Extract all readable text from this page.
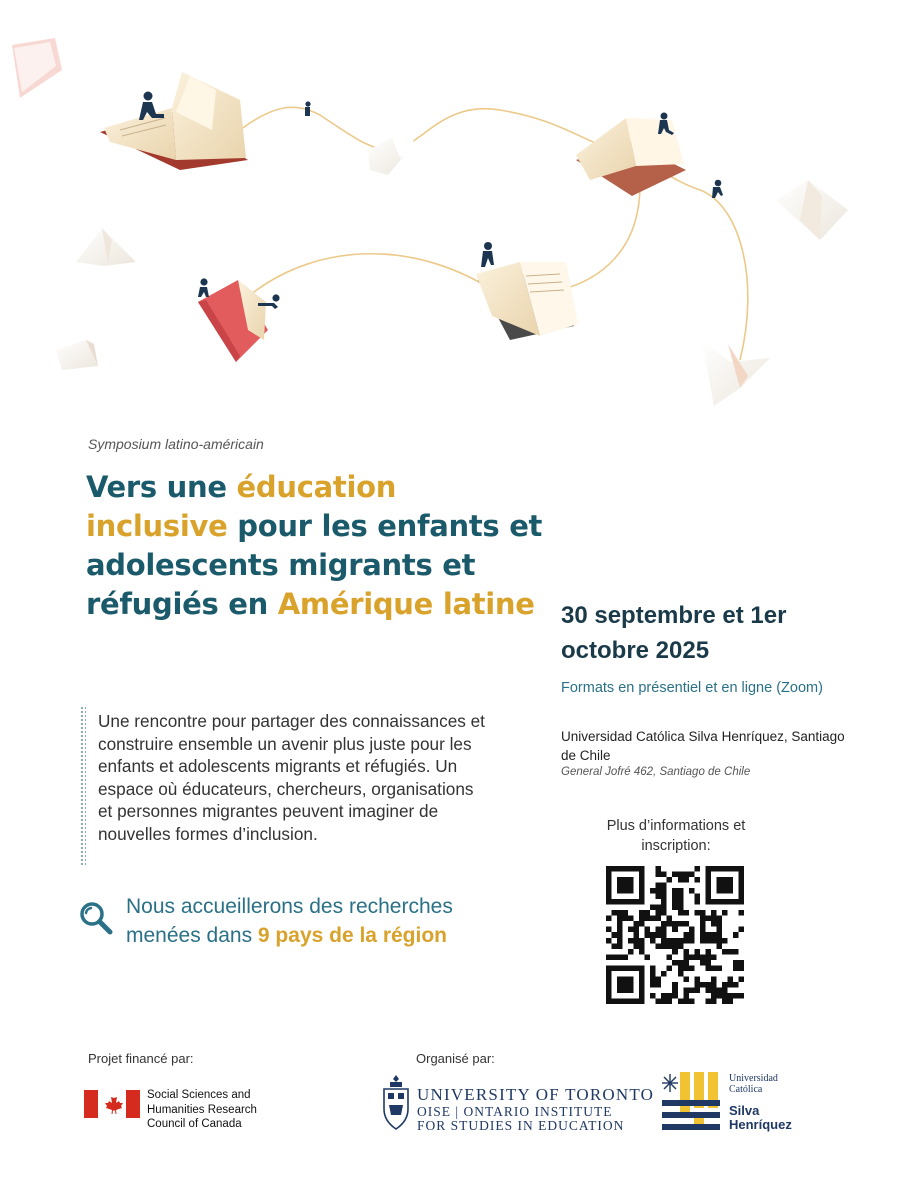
Symposium latino-américain
Vers une éducation inclusive pour les enfants et adolescents migrants et réfugiés en Amérique latine

Une rencontre pour partager des connaissances et construire ensemble un avenir plus juste pour les enfants et adolescents migrants et réfugiés. Un espace où éducateurs, chercheurs, organisations et personnes migrantes peuvent imaginer de nouvelles formes d’inclusion.

Nous accueillerons des recherches menées dans 9 pays de la région

30 septembre et 1er octobre 2025
Formats en présentiel et en ligne (Zoom)
Universidad Católica Silva Henríquez, Santiago de Chile
General Jofré 462, Santiago de Chile
Plus d’informations et inscription:
Projet financé par:	Organisé par:
Social Sciences and Humanities Research Council of Canada
UNIVERSITY OF TORONTO
OISE | ONTARIO INSTITUTE
FOR STUDIES IN EDUCATION
Universidad Católica
Silva Henríquez
